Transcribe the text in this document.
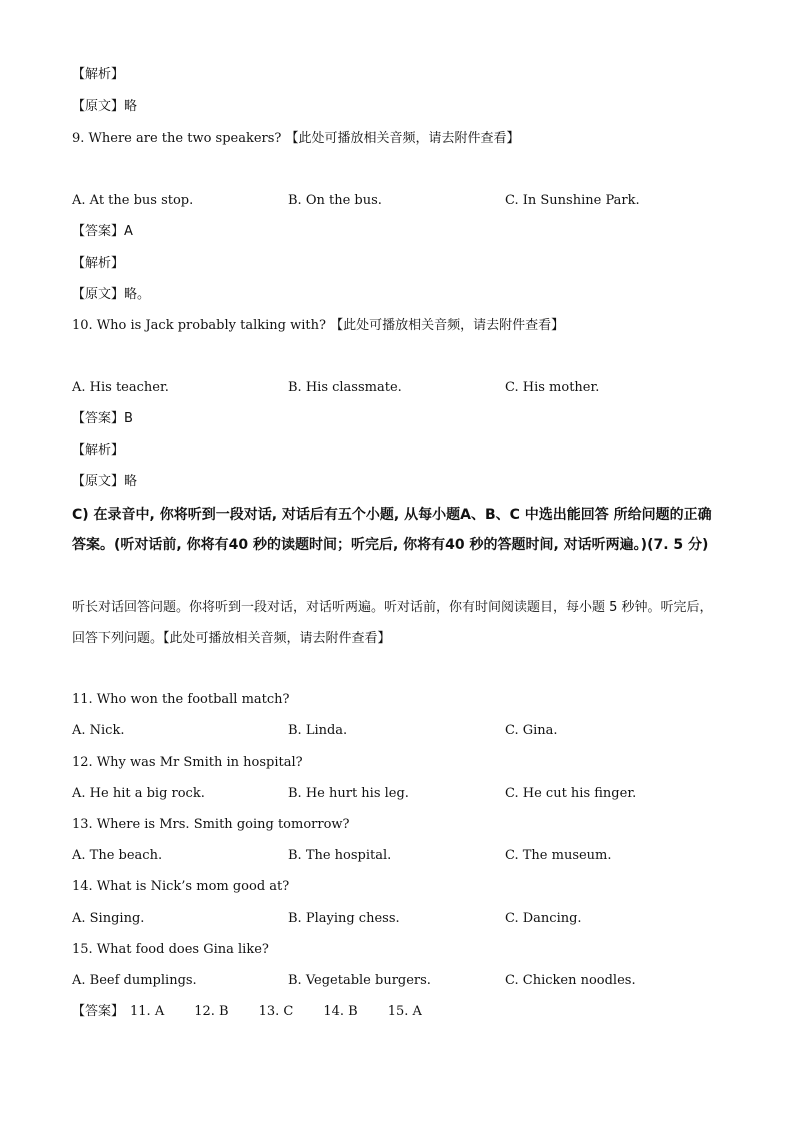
【解析】
【原文】略
9. Where are the two speakers? 【此处可播放相关音频，请去附件查看】
A. At the bus stop.	B. On the bus.	C. In Sunshine Park.
【答案】A
【解析】
【原文】略。
10. Who is Jack probably talking with? 【此处可播放相关音频，请去附件查看】
A. His teacher.	B. His classmate.	C. His mother.
【答案】B
【解析】
【原文】略
C) 在录音中, 你将听到一段对话, 对话后有五个小题, 从每小题A、B、C 中选出能回答 所给问题的正确答案。(听对话前, 你将有40 秒的读题时间；听完后, 你将有40 秒的答题时间, 对话听两遍。)(7. 5 分)
听长对话回答问题。你将听到一段对话，对话听两遍。听对话前，你有时间阅读题目，每小题 5 秒钟。听完后，回答下列问题。【此处可播放相关音频，请去附件查看】
11. Who won the football match?
A. Nick.	B. Linda.	C. Gina.
12. Why was Mr Smith in hospital?
A. He hit a big rock.	B. He hurt his leg.	C. He cut his finger.
13. Where is Mrs. Smith going tomorrow?
A. The beach.	B. The hospital.	C. The museum.
14. What is Nick’s mom good at?
A. Singing.	B. Playing chess.	C. Dancing.
15. What food does Gina like?
A. Beef dumplings.	B. Vegetable burgers.	C. Chicken noodles.
【答案】 11. A 12. B 13. C 14. B 15. A
